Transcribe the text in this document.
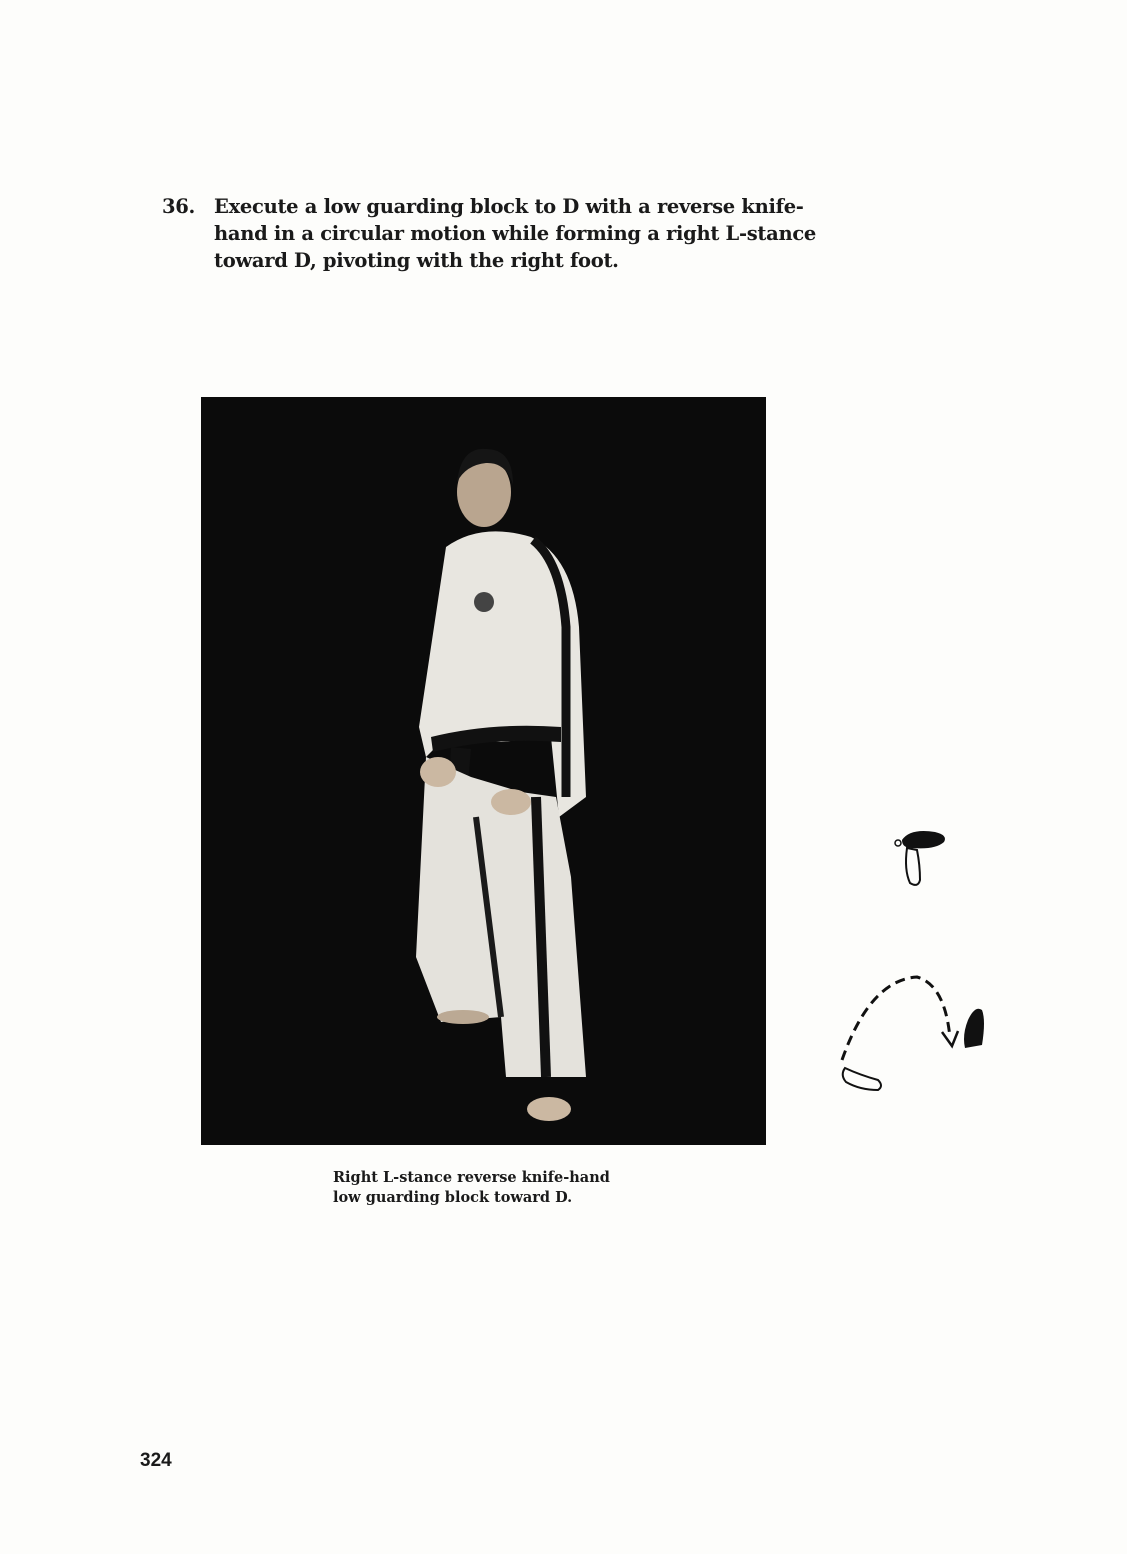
36. Execute a low guarding block to D with a reverse knife-
hand in a circular motion while forming a right L-stance
toward D, pivoting with the right foot.
Right L-stance reverse knife-hand
low guarding block toward D.
324
